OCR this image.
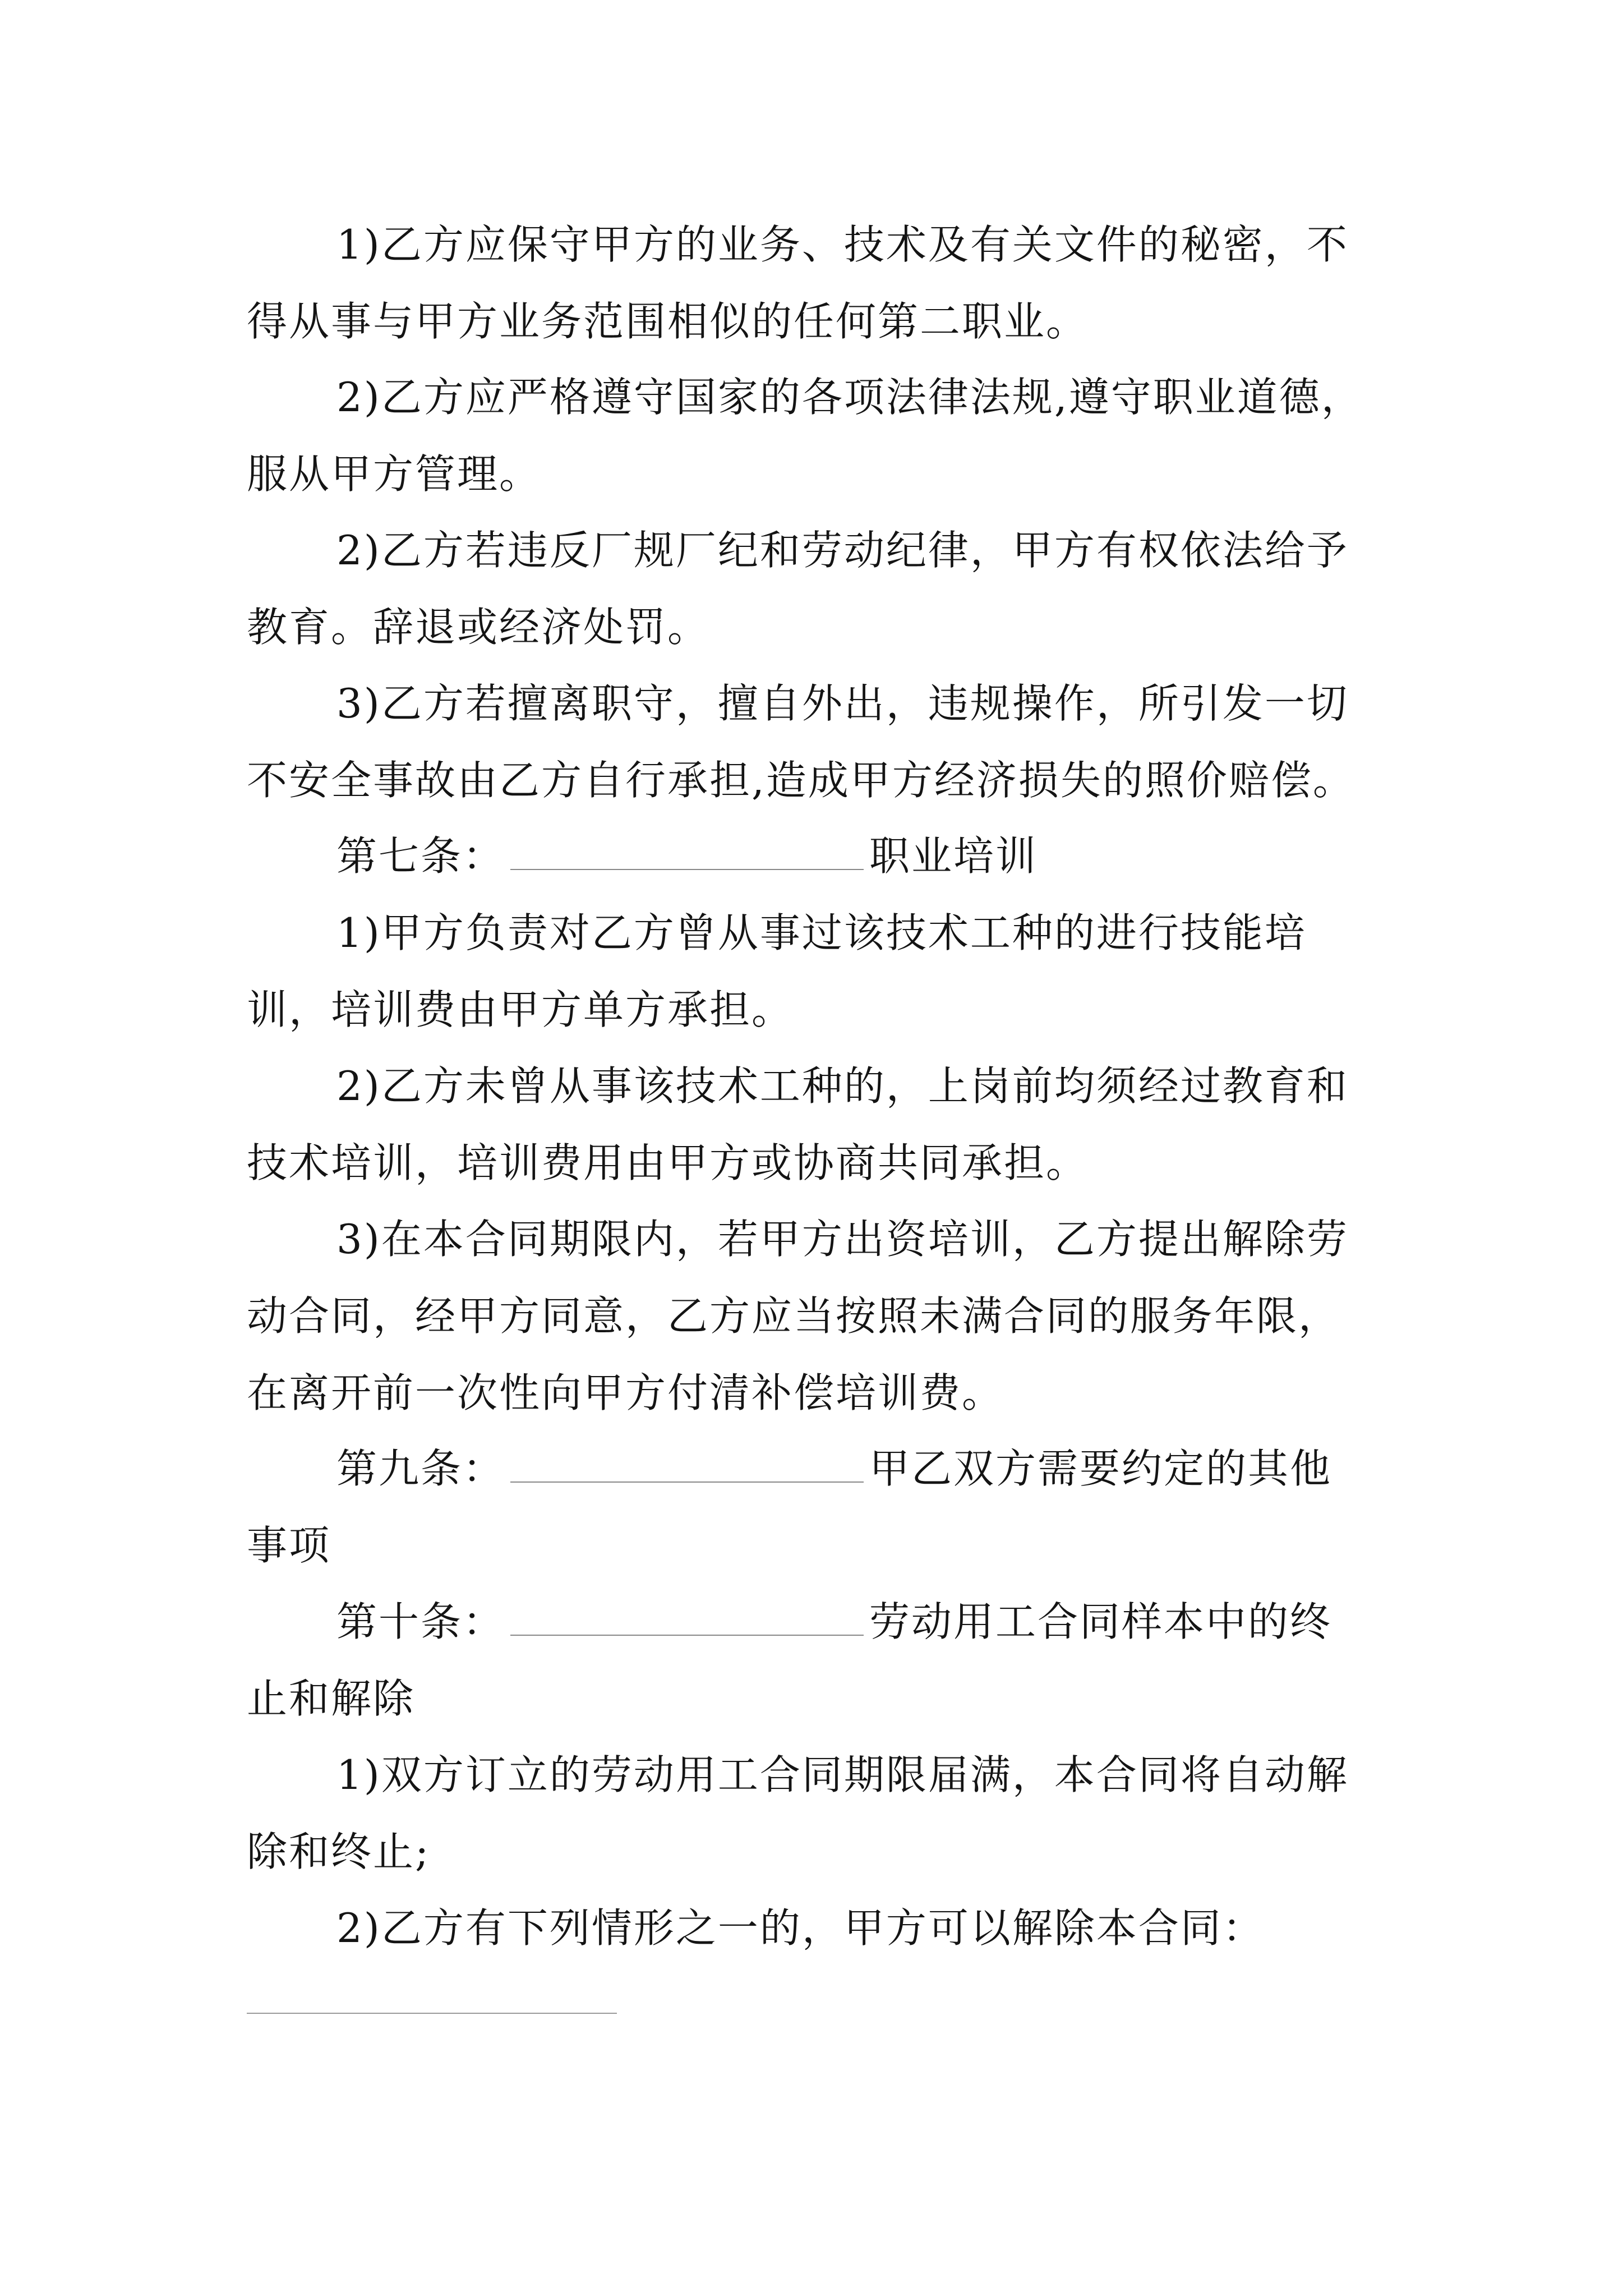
1)乙方应保守甲方的业务、技术及有关文件的秘密，不
得从事与甲方业务范围相似的任何第二职业。
2)乙方应严格遵守国家的各项法律法规,遵守职业道德，
服从甲方管理。
2)乙方若违反厂规厂纪和劳动纪律，甲方有权依法给予
教育。辞退或经济处罚。
3)乙方若擅离职守，擅自外出，违规操作，所引发一切
不安全事故由乙方自行承担,造成甲方经济损失的照价赔偿。
第七条：	职业培训
1)甲方负责对乙方曾从事过该技术工种的进行技能培
训，培训费由甲方单方承担。
2)乙方未曾从事该技术工种的，上岗前均须经过教育和
技术培训，培训费用由甲方或协商共同承担。
3)在本合同期限内，若甲方出资培训，乙方提出解除劳
动合同，经甲方同意，乙方应当按照未满合同的服务年限，
在离开前一次性向甲方付清补偿培训费。
第九条：	甲乙双方需要约定的其他
事项
第十条：	劳动用工合同样本中的终
止和解除
1)双方订立的劳动用工合同期限届满，本合同将自动解
除和终止;
2)乙方有下列情形之一的，甲方可以解除本合同：
